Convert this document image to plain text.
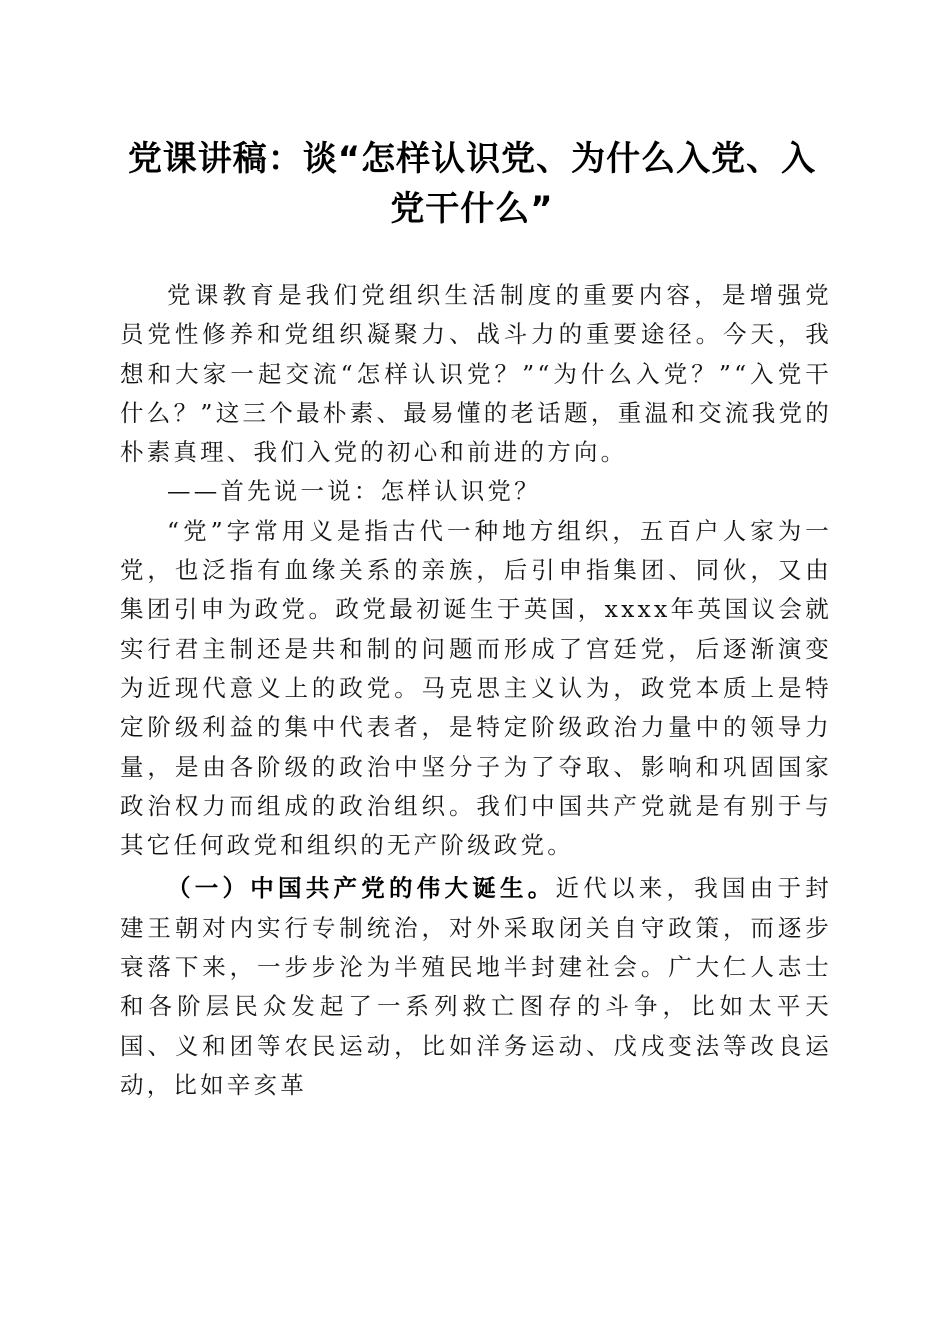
党课讲稿：谈“怎样认识党、为什么入党、入党干什么”

党课教育是我们党组织生活制度的重要内容，是增强党员党性修养和党组织凝聚力、战斗力的重要途径。今天，我想和大家一起交流“怎样认识党？”“为什么入党？”“入党干什么？”这三个最朴素、最易懂的老话题，重温和交流我党的朴素真理、我们入党的初心和前进的方向。

——首先说一说：怎样认识党？

“党”字常用义是指古代一种地方组织，五百户人家为一党，也泛指有血缘关系的亲族，后引申指集团、同伙，又由集团引申为政党。政党最初诞生于英国，xxxx年英国议会就实行君主制还是共和制的问题而形成了宫廷党，后逐渐演变为近现代意义上的政党。马克思主义认为，政党本质上是特定阶级利益的集中代表者，是特定阶级政治力量中的领导力量，是由各阶级的政治中坚分子为了夺取、影响和巩固国家政治权力而组成的政治组织。我们中国共产党就是有别于与其它任何政党和组织的无产阶级政党。

（一）中国共产党的伟大诞生。近代以来，我国由于封建王朝对内实行专制统治，对外采取闭关自守政策，而逐步衰落下来，一步步沦为半殖民地半封建社会。广大仁人志士和各阶层民众发起了一系列救亡图存的斗争，比如太平天国、义和团等农民运动，比如洋务运动、戊戌变法等改良运动，比如辛亥革
